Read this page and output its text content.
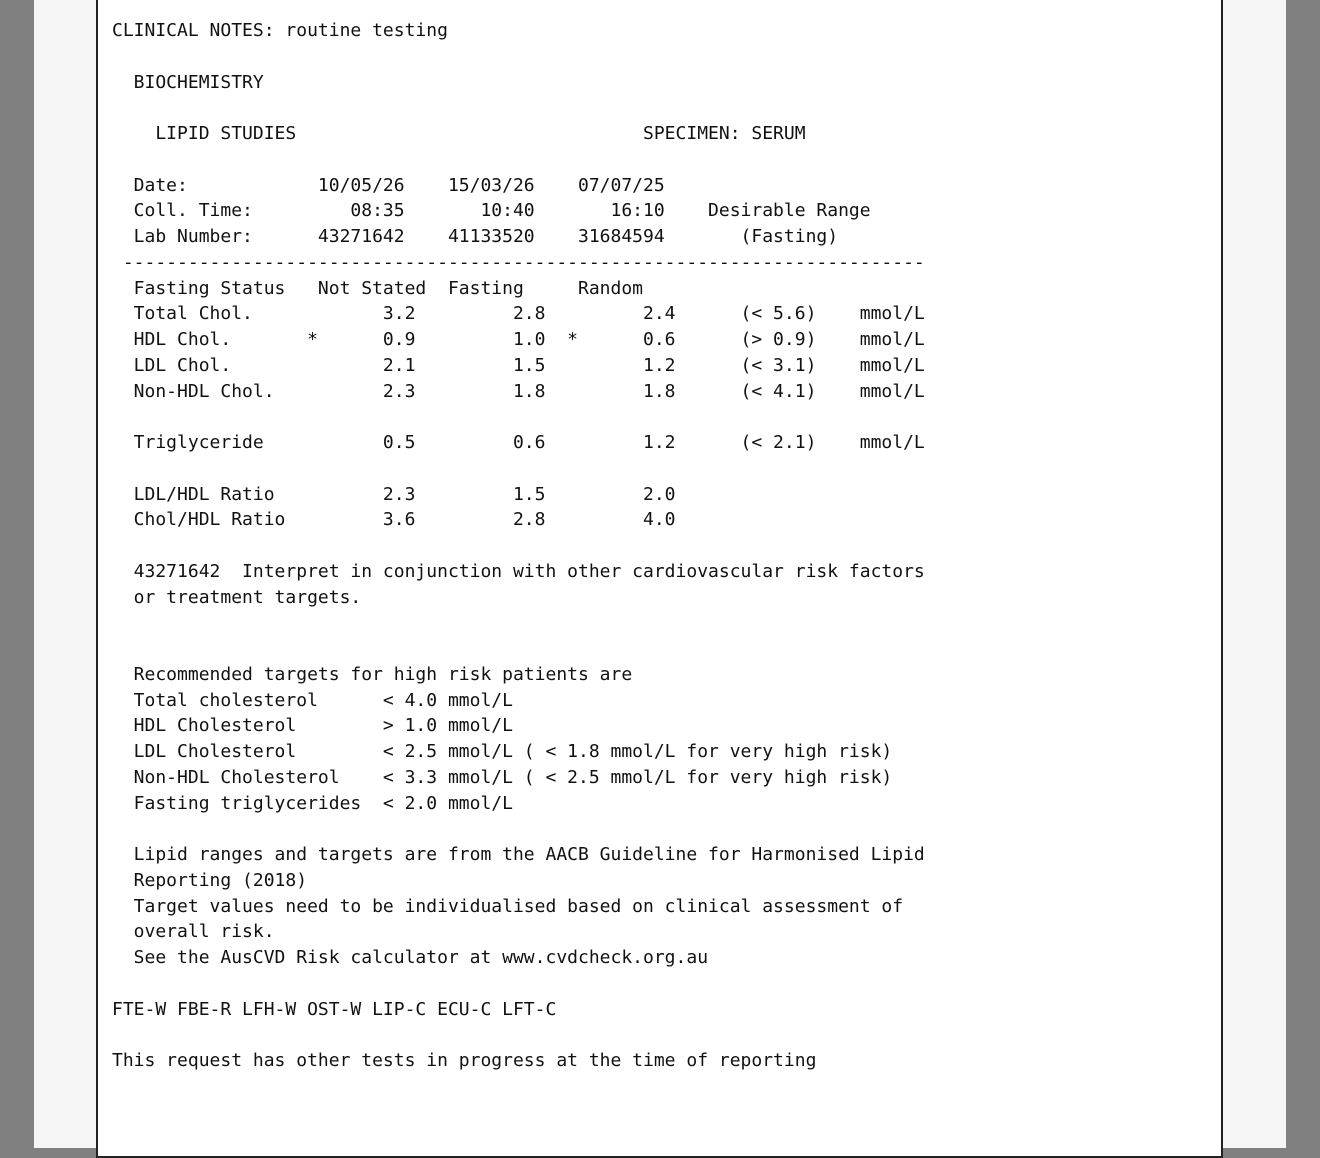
CLINICAL NOTES: routine testing
BIOCHEMISTRY
LIPID STUDIES                                SPECIMEN: SERUM
Date:            10/05/26    15/03/26    07/07/25
Coll. Time:         08:35       10:40       16:10    Desirable Range
Lab Number:      43271642    41133520    31684594       (Fasting)
--------------------------------------------------------------------------
Fasting Status   Not Stated  Fasting     Random
Total Chol.            3.2         2.8         2.4      (< 5.6)    mmol/L
HDL Chol.       *      0.9         1.0  *      0.6      (> 0.9)    mmol/L
LDL Chol.              2.1         1.5         1.2      (< 3.1)    mmol/L
Non-HDL Chol.          2.3         1.8         1.8      (< 4.1)    mmol/L
Triglyceride           0.5         0.6         1.2      (< 2.1)    mmol/L
LDL/HDL Ratio          2.3         1.5         2.0
Chol/HDL Ratio         3.6         2.8         4.0
43271642  Interpret in conjunction with other cardiovascular risk factors
or treatment targets.
Recommended targets for high risk patients are
Total cholesterol      < 4.0 mmol/L
HDL Cholesterol        > 1.0 mmol/L
LDL Cholesterol        < 2.5 mmol/L ( < 1.8 mmol/L for very high risk)
Non-HDL Cholesterol    < 3.3 mmol/L ( < 2.5 mmol/L for very high risk)
Fasting triglycerides  < 2.0 mmol/L
Lipid ranges and targets are from the AACB Guideline for Harmonised Lipid
Reporting (2018)
Target values need to be individualised based on clinical assessment of
overall risk.
See the AusCVD Risk calculator at www.cvdcheck.org.au
FTE-W FBE-R LFH-W OST-W LIP-C ECU-C LFT-C
This request has other tests in progress at the time of reporting
